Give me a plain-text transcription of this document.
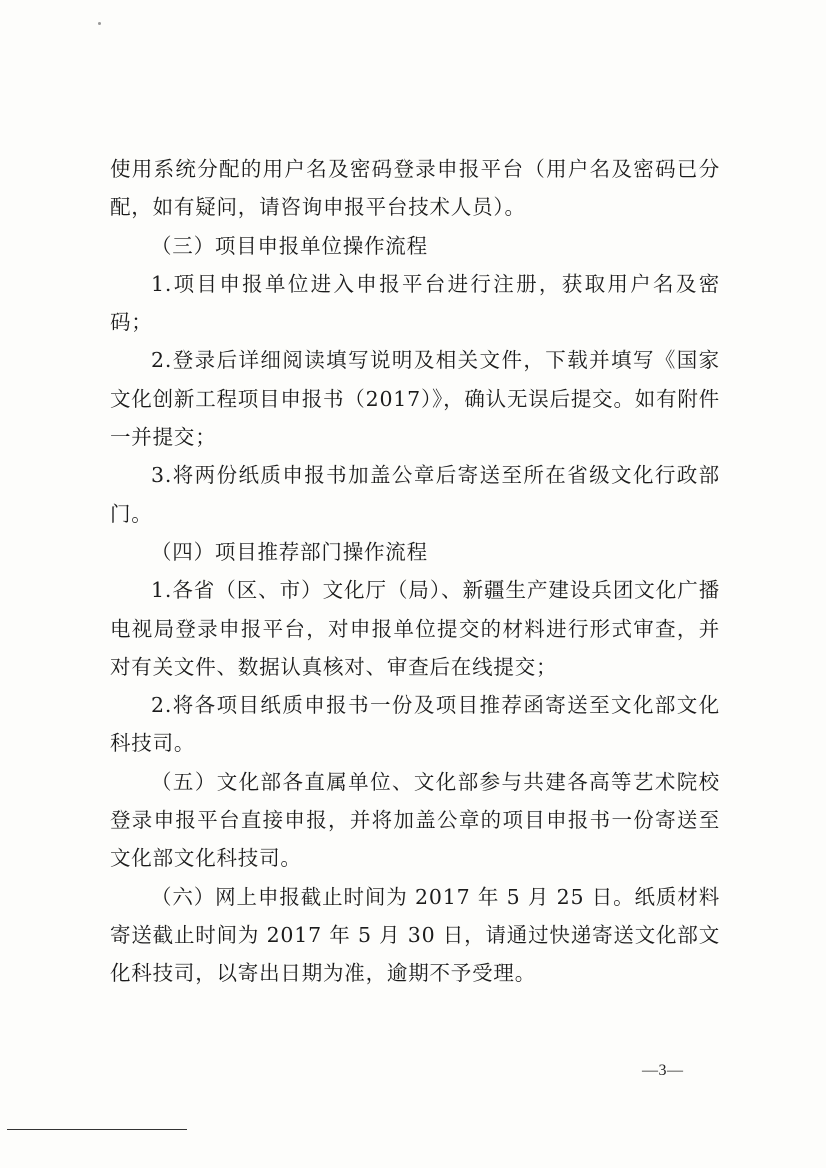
使用系统分配的用户名及密码登录申报平台（用户名及密码已分配，如有疑问，请咨询申报平台技术人员）。

（三）项目申报单位操作流程

1.项目申报单位进入申报平台进行注册，获取用户名及密码；

2.登录后详细阅读填写说明及相关文件，下载并填写《国家文化创新工程项目申报书（2017）》，确认无误后提交。如有附件一并提交；

3.将两份纸质申报书加盖公章后寄送至所在省级文化行政部门。

（四）项目推荐部门操作流程

1.各省（区、市）文化厅（局）、新疆生产建设兵团文化广播电视局登录申报平台，对申报单位提交的材料进行形式审查，并对有关文件、数据认真核对、审查后在线提交；

2.将各项目纸质申报书一份及项目推荐函寄送至文化部文化科技司。

（五）文化部各直属单位、文化部参与共建各高等艺术院校登录申报平台直接申报，并将加盖公章的项目申报书一份寄送至文化部文化科技司。

（六）网上申报截止时间为 2017 年 5 月 25 日。纸质材料寄送截止时间为 2017 年 5 月 30 日，请通过快递寄送文化部文化科技司，以寄出日期为准，逾期不予受理。

—3—
